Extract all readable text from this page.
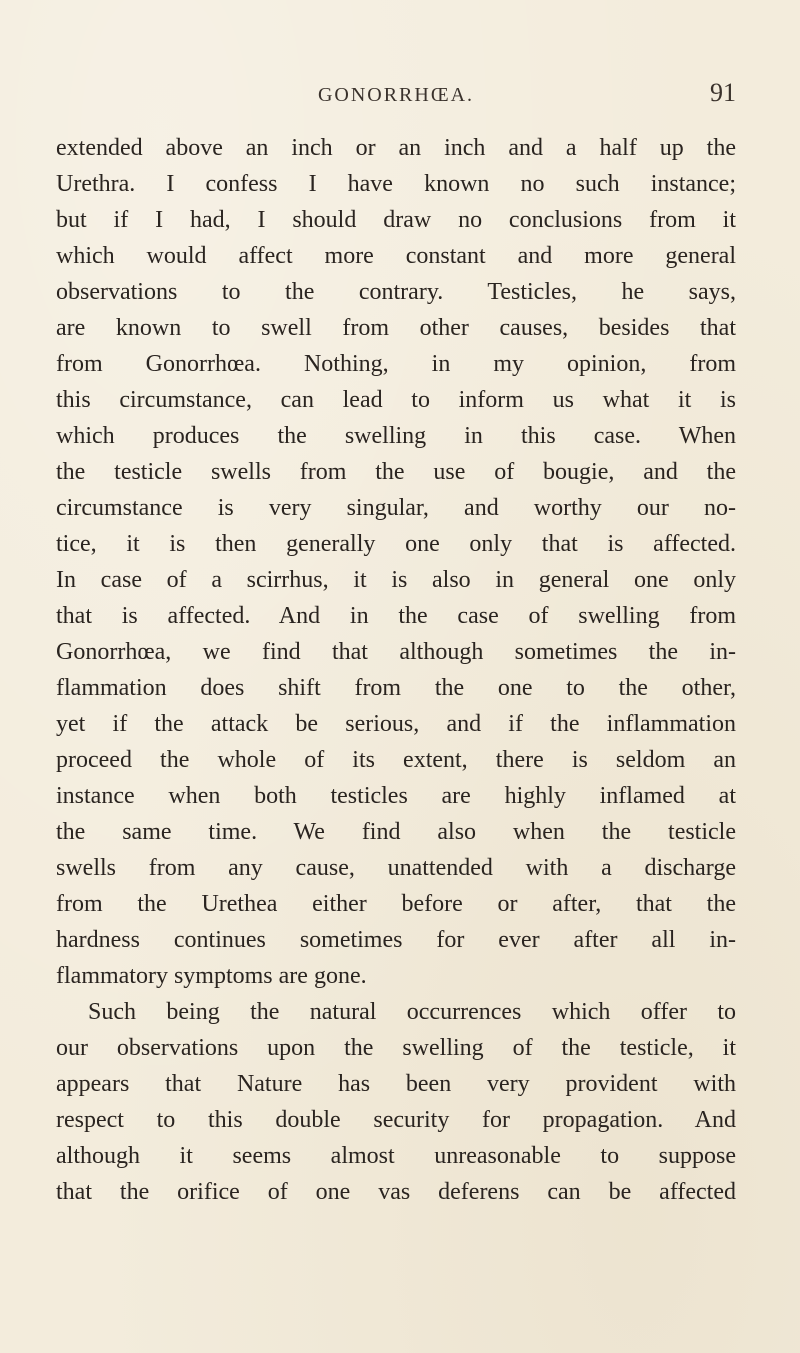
GONORRHŒA.	91
extended above an inch or an inch and a half up the
Urethra. I confess I have known no such instance;
but if I had, I should draw no conclusions from it
which would affect more constant and more general
observations to the contrary. Testicles, he says,
are known to swell from other causes, besides that
from Gonorrhœa. Nothing, in my opinion, from
this circumstance, can lead to inform us what it is
which produces the swelling in this case. When
the testicle swells from the use of bougie, and the
circumstance is very singular, and worthy our no-
tice, it is then generally one only that is affected.
In case of a scirrhus, it is also in general one only
that is affected. And in the case of swelling from
Gonorrhœa, we find that although sometimes the in-
flammation does shift from the one to the other,
yet if the attack be serious, and if the inflammation
proceed the whole of its extent, there is seldom an
instance when both testicles are highly inflamed at
the same time. We find also when the testicle
swells from any cause, unattended with a discharge
from the Urethea either before or after, that the
hardness continues sometimes for ever after all in-
flammatory symptoms are gone.
Such being the natural occurrences which offer to
our observations upon the swelling of the testicle, it
appears that Nature has been very provident with
respect to this double security for propagation. And
although it seems almost unreasonable to suppose
that the orifice of one vas deferens can be affected
